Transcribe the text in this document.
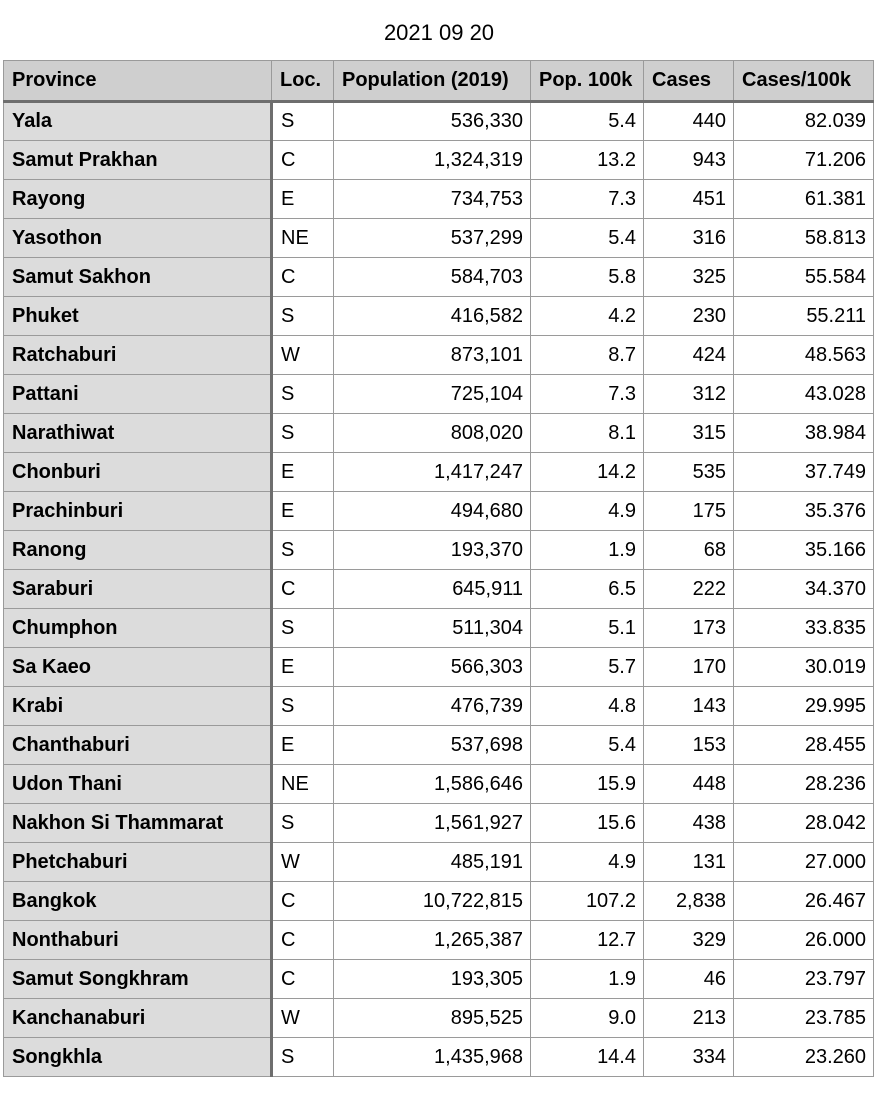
2021 09 20
Province	Loc.	Population (2019)	Pop. 100k	Cases	Cases/100k
Yala	S	536,330	5.4	440	82.039
Samut Prakhan	C	1,324,319	13.2	943	71.206
Rayong	E	734,753	7.3	451	61.381
Yasothon	NE	537,299	5.4	316	58.813
Samut Sakhon	C	584,703	5.8	325	55.584
Phuket	S	416,582	4.2	230	55.211
Ratchaburi	W	873,101	8.7	424	48.563
Pattani	S	725,104	7.3	312	43.028
Narathiwat	S	808,020	8.1	315	38.984
Chonburi	E	1,417,247	14.2	535	37.749
Prachinburi	E	494,680	4.9	175	35.376
Ranong	S	193,370	1.9	68	35.166
Saraburi	C	645,911	6.5	222	34.370
Chumphon	S	511,304	5.1	173	33.835
Sa Kaeo	E	566,303	5.7	170	30.019
Krabi	S	476,739	4.8	143	29.995
Chanthaburi	E	537,698	5.4	153	28.455
Udon Thani	NE	1,586,646	15.9	448	28.236
Nakhon Si Thammarat	S	1,561,927	15.6	438	28.042
Phetchaburi	W	485,191	4.9	131	27.000
Bangkok	C	10,722,815	107.2	2,838	26.467
Nonthaburi	C	1,265,387	12.7	329	26.000
Samut Songkhram	C	193,305	1.9	46	23.797
Kanchanaburi	W	895,525	9.0	213	23.785
Songkhla	S	1,435,968	14.4	334	23.260
